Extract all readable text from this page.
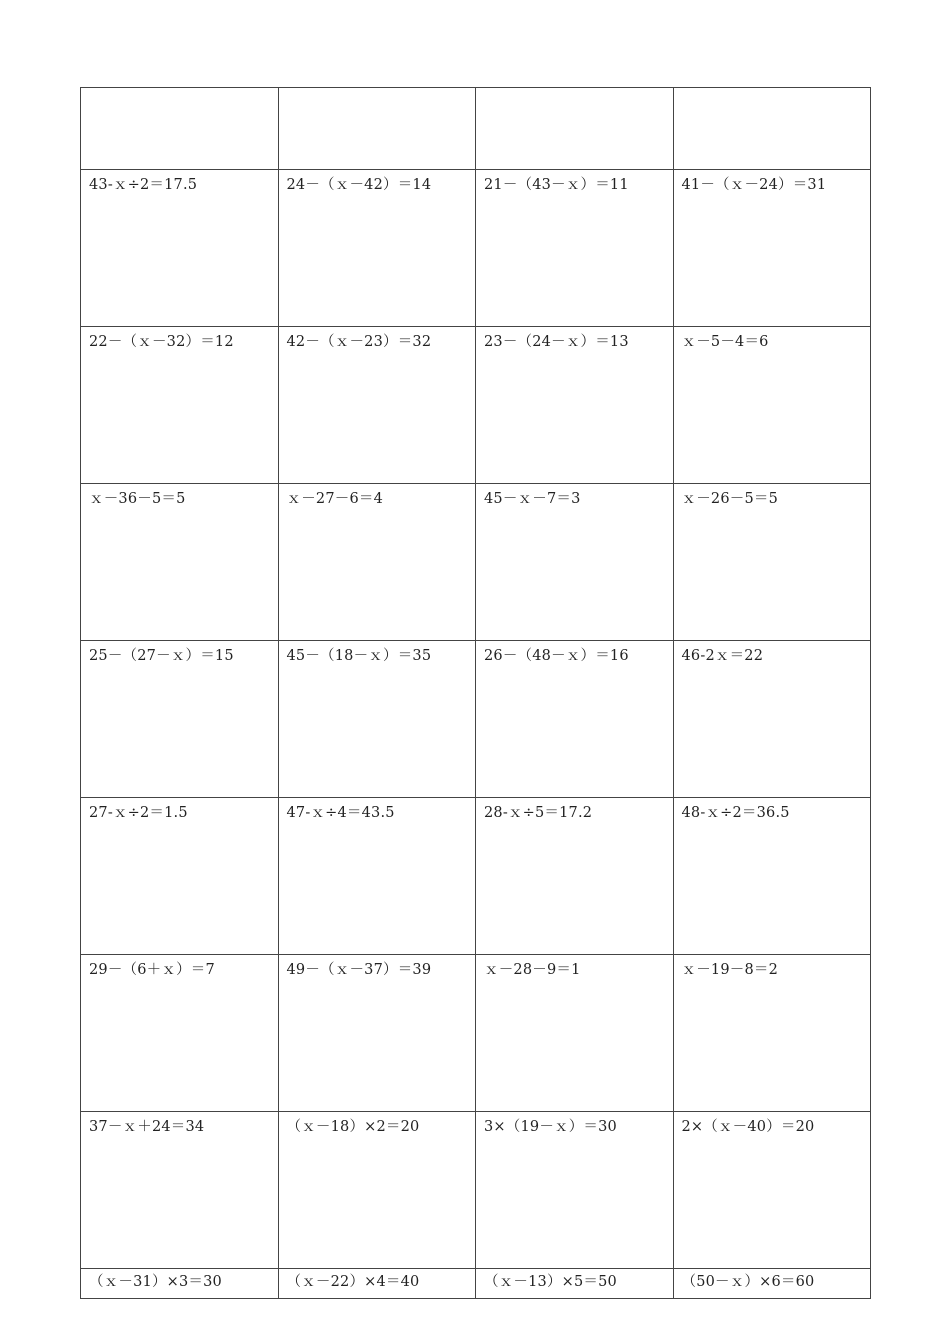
43-ｘ÷2＝17.5	24－（ｘ－42）＝14	21－（43－ｘ）＝11	41－（ｘ－24）＝31
22－（ｘ－32）＝12	42－（ｘ－23）＝32	23－（24－ｘ）＝13	ｘ－5－4＝6
ｘ－36－5＝5	ｘ－27－6＝4	45－ｘ－7＝3	ｘ－26－5＝5
25－（27－ｘ）＝15	45－（18－ｘ）＝35	26－（48－ｘ）＝16	46-2ｘ＝22
27-ｘ÷2＝1.5	47-ｘ÷4＝43.5	28-ｘ÷5＝17.2	48-ｘ÷2＝36.5
29－（6＋ｘ）＝7	49－（ｘ－37）＝39	ｘ－28－9＝1	ｘ－19－8＝2
37－ｘ＋24＝34	（ｘ－18）×2＝20	3×（19－ｘ）＝30	2×（ｘ－40）＝20
（ｘ－31）×3＝30	（ｘ－22）×4＝40	（ｘ－13）×5＝50	（50－ｘ）×6＝60
